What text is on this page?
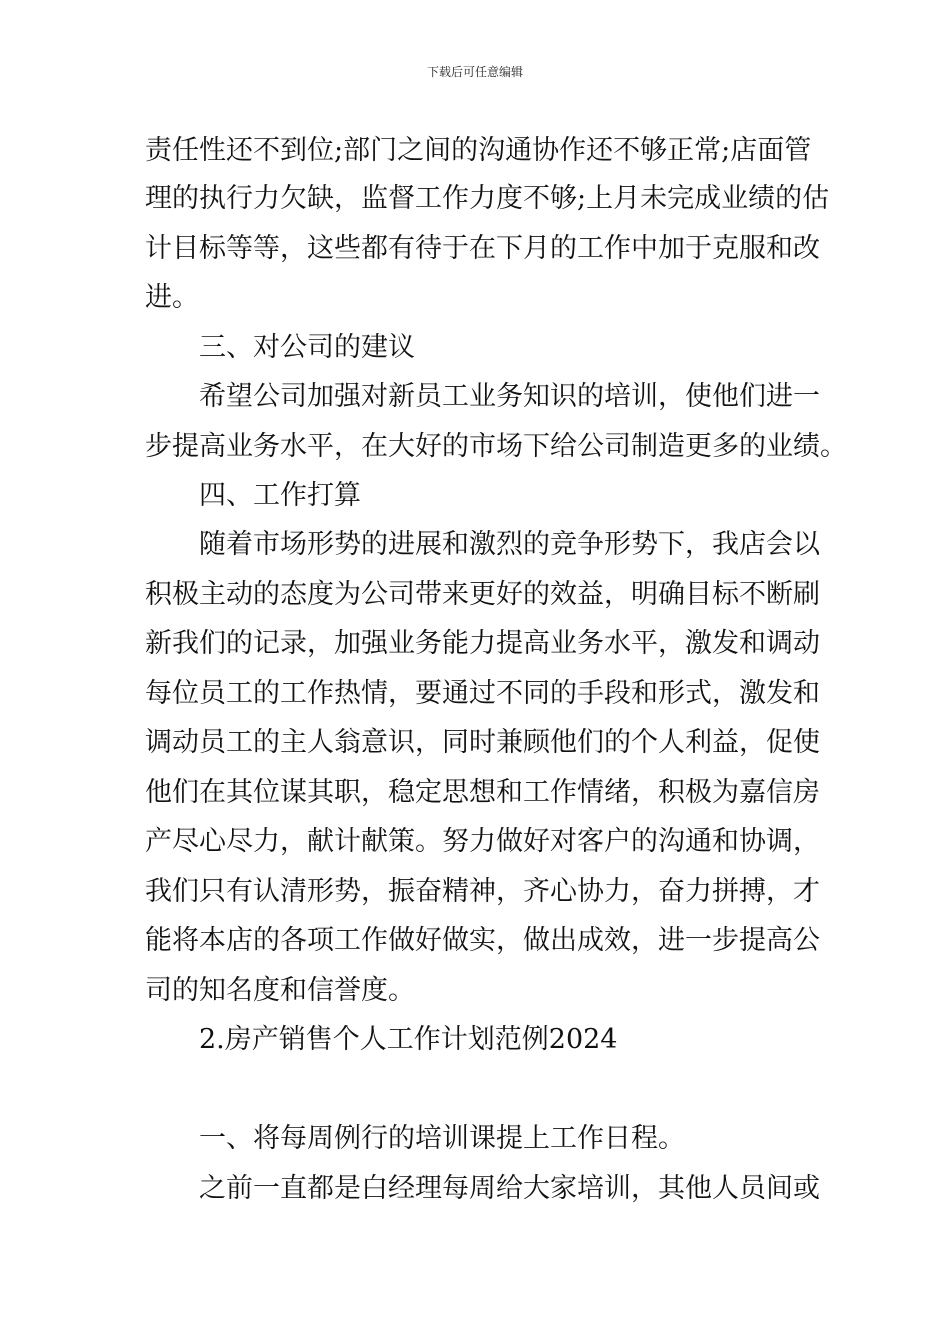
下载后可任意编辑
责任性还不到位;部门之间的沟通协作还不够正常;店面管
理的执行力欠缺，监督工作力度不够;上月未完成业绩的估
计目标等等，这些都有待于在下月的工作中加于克服和改
进。
三、对公司的建议
希望公司加强对新员工业务知识的培训，使他们进一
步提高业务水平，在大好的市场下给公司制造更多的业绩。
四、工作打算
随着市场形势的进展和激烈的竞争形势下，我店会以
积极主动的态度为公司带来更好的效益，明确目标不断刷
新我们的记录，加强业务能力提高业务水平，激发和调动
每位员工的工作热情，要通过不同的手段和形式，激发和
调动员工的主人翁意识，同时兼顾他们的个人利益，促使
他们在其位谋其职，稳定思想和工作情绪，积极为嘉信房
产尽心尽力，献计献策。努力做好对客户的沟通和协调，
我们只有认清形势，振奋精神，齐心协力，奋力拼搏，才
能将本店的各项工作做好做实，做出成效，进一步提高公
司的知名度和信誉度。
2.房产销售个人工作计划范例2024
一、将每周例行的培训课提上工作日程。
之前一直都是白经理每周给大家培训，其他人员间或
